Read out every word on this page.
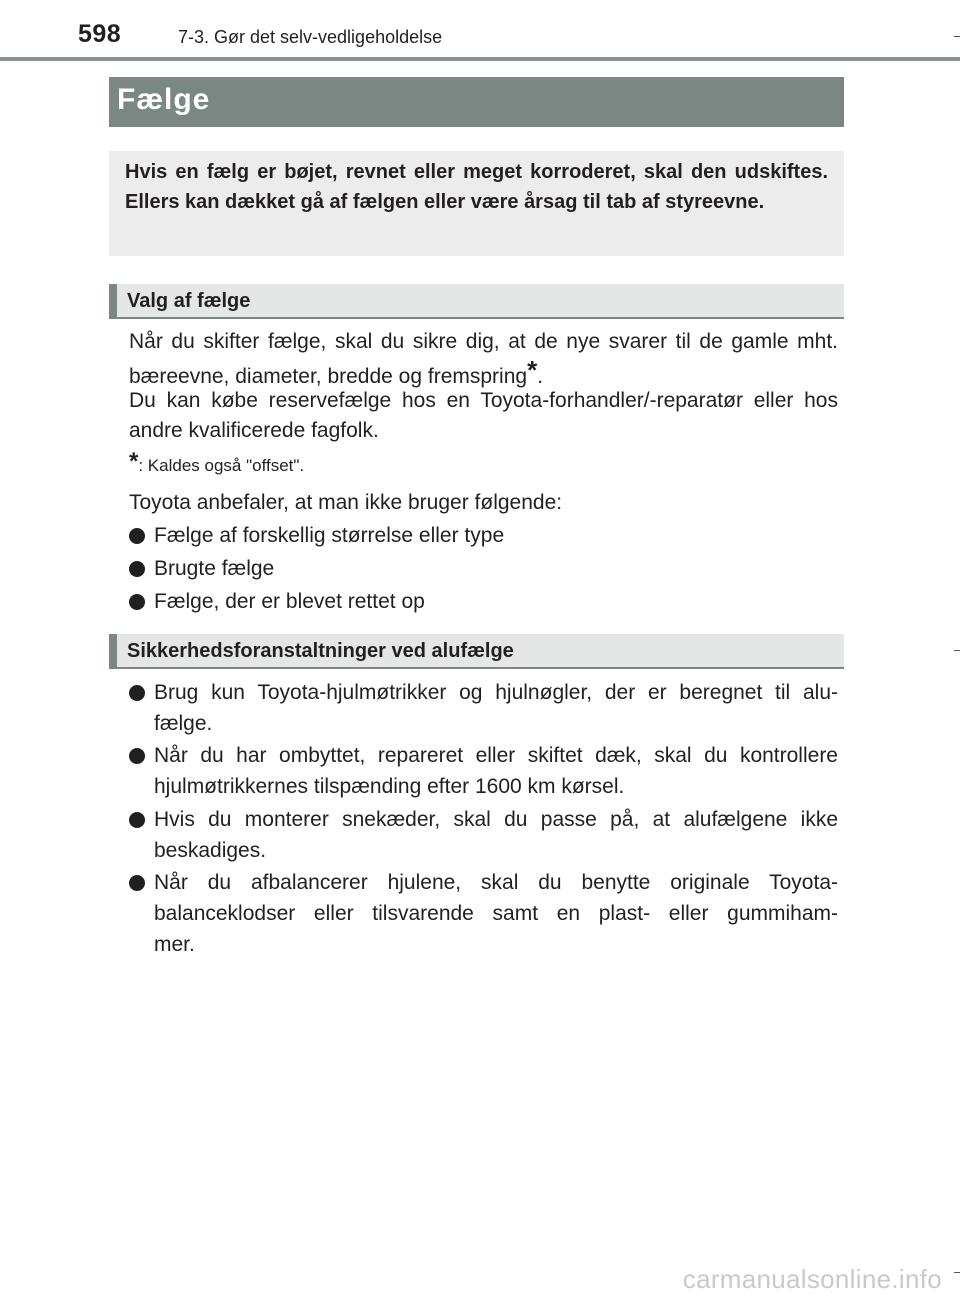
598	7-3. Gør det selv-vedligeholdelse
Fælge

Hvis en fælg er bøjet, revnet eller meget korroderet, skal den udskiftes. Ellers kan dækket gå af fælgen eller være årsag til tab af styreevne.

Valg af fælge

Når du skifter fælge, skal du sikre dig, at de nye svarer til de gamle mht. bæreevne, diameter, bredde og fremspring*.

Du kan købe reservefælge hos en Toyota-forhandler/-reparatør eller hos andre kvalificerede fagfolk.

*: Kaldes også "offset".

Toyota anbefaler, at man ikke bruger følgende:

Fælge af forskellig størrelse eller type
Brugte fælge
Fælge, der er blevet rettet op
Sikkerhedsforanstaltninger ved alufælge
Brug kun Toyota-hjulmøtrikker og hjulnøgler, der er beregnet til alu-
fælge.
Når du har ombyttet, repareret eller skiftet dæk, skal du kontrollere
hjulmøtrikkernes tilspænding efter 1600 km kørsel.
Hvis du monterer snekæder, skal du passe på, at alufælgene ikke
beskadiges.
Når du afbalancerer hjulene, skal du benytte originale Toyota-
balanceklodser eller tilsvarende samt en plast- eller gummiham-
mer.
carmanualsonline.info
